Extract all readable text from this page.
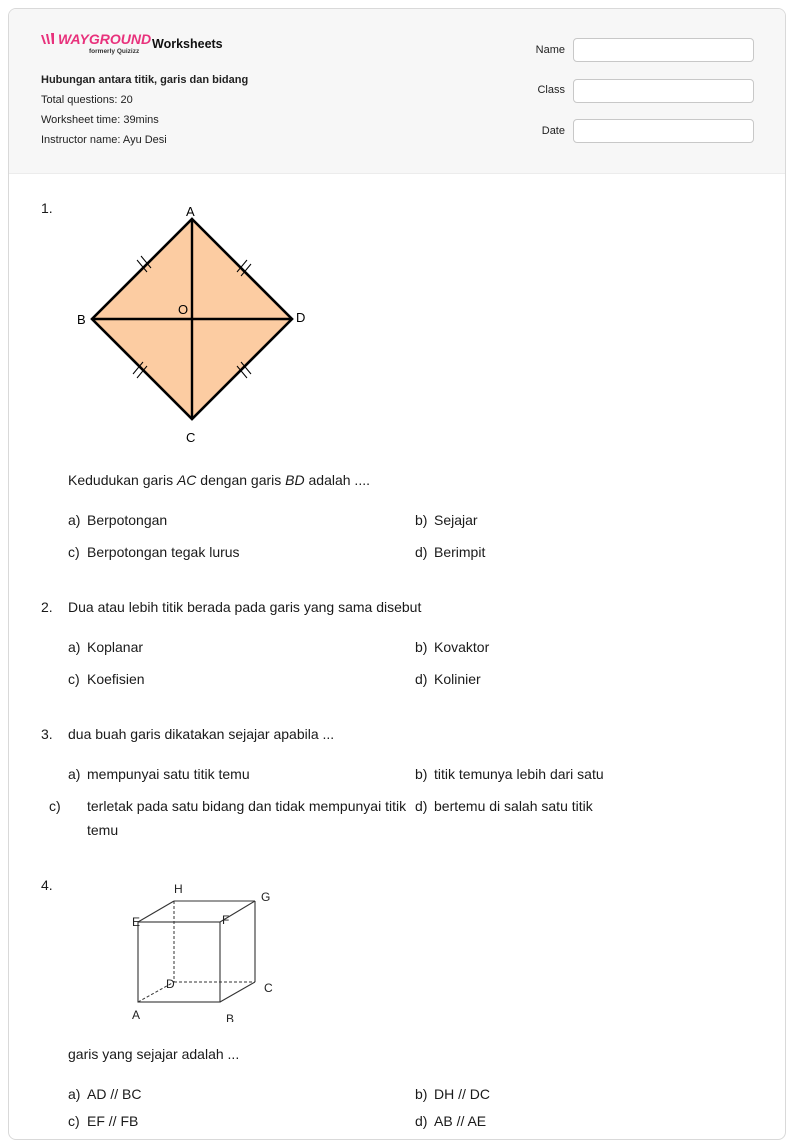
WAYGROUND
formerly Quizizz
Worksheets
Hubungan antara titik, garis dan bidang
Total questions: 20
Worksheet time: 39mins
Instructor name: Ayu Desi
Name
Class
Date
1.	A
B
C
D
O
Kedudukan garis AC dengan garis BD adalah ....
a) Berpotongan	b) Sejajar
c) Berpotongan tegak lurus	d) Berimpit
2. Dua atau lebih titik berada pada garis yang sama disebut
a) Koplanar	b) Kovaktor
c) Koefisien	d) Kolinier
3. dua buah garis dikatakan sejajar apabila ...
a) mempunyai satu titik temu	b) titik temunya lebih dari satu
c) terletak pada satu bidang dan tidak mempunyai titik temu
d) bertemu di salah satu titik
4.	H
G
E	F
D	C
A	B
garis yang sejajar adalah ...
a) AD // BC	b) DH // DC
c) EF // FB	d) AB // AE
